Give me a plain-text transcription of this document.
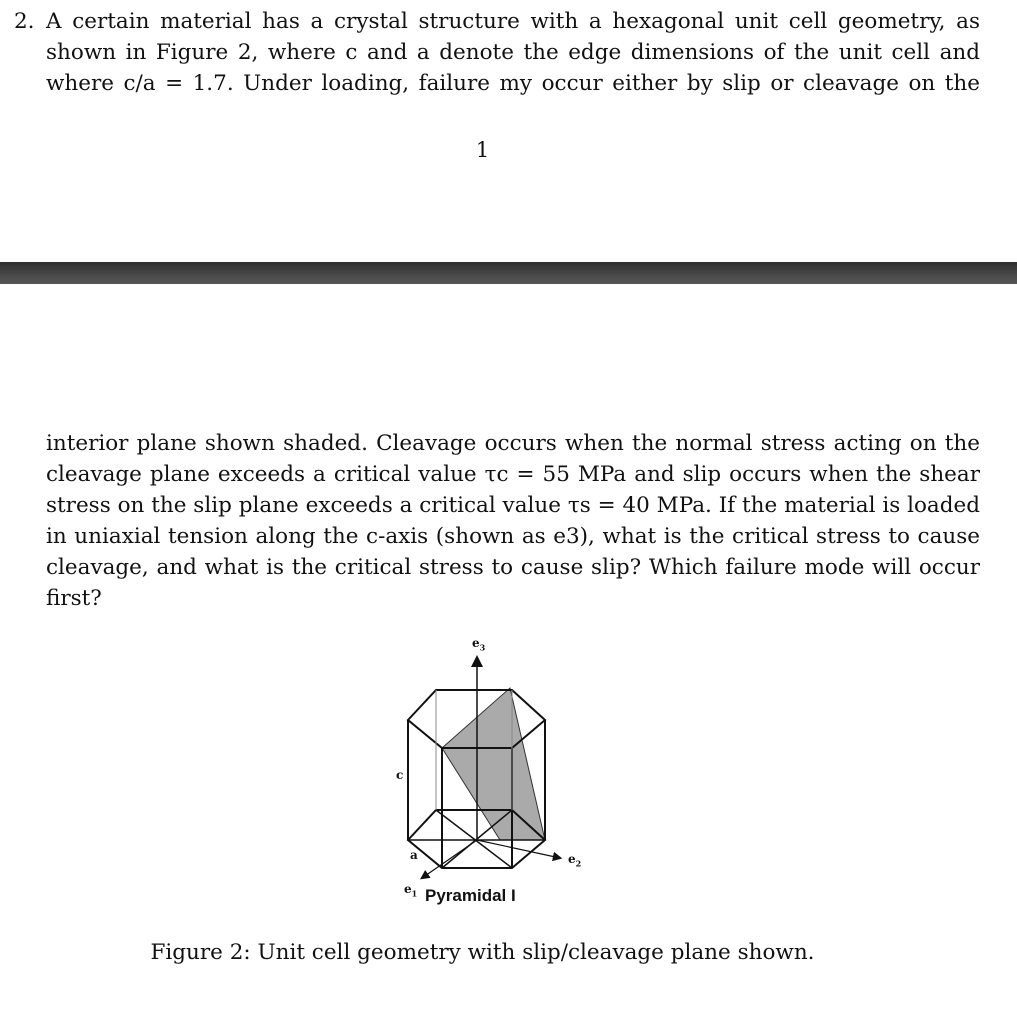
2. A certain material has a crystal structure with a hexagonal unit cell geometry, as
shown in Figure 2, where c and a denote the edge dimensions of the unit cell and
where c/a = 1.7. Under loading, failure my occur either by slip or cleavage on the
1
interior plane shown shaded. Cleavage occurs when the normal stress acting on the
cleavage plane exceeds a critical value τc = 55 MPa and slip occurs when the shear
stress on the slip plane exceeds a critical value τs = 40 MPa. If the material is loaded
in uniaxial tension along the c-axis (shown as e3), what is the critical stress to cause
cleavage, and what is the critical stress to cause slip? Which failure mode will occur
first?
$e_3$
$e_2$
$e_1$
c
a
Pyramidal I
Figure 2: Unit cell geometry with slip/cleavage plane shown.
